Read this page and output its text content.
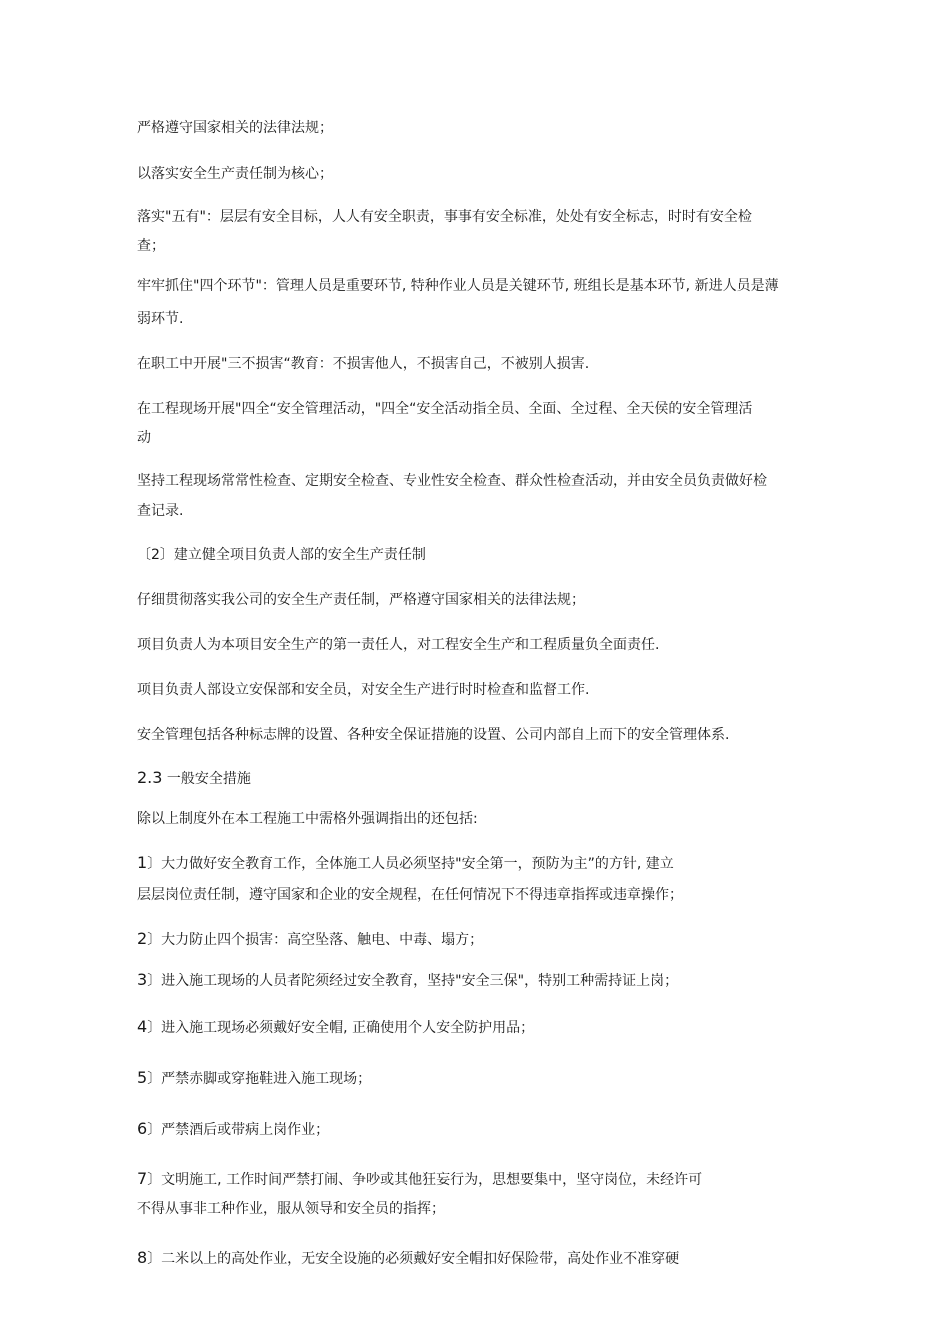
严格遵守国家相关的法律法规；
以落实安全生产责任制为核心；
落实"五有"：层层有安全目标，人人有安全职责，事事有安全标准，处处有安全标志，时时有安全检
查；
牢牢抓住"四个环节"：管理人员是重要环节, 特种作业人员是关键环节, 班组长是基本环节, 新进人员是薄
弱环节.
在职工中开展"三不损害“教育：不损害他人，不损害自己，不被别人损害.
在工程现场开展"四全“安全管理活动，"四全“安全活动指全员、全面、全过程、全天侯的安全管理活
动
坚持工程现场常常性检查、定期安全检查、专业性安全检查、群众性检查活动，并由安全员负责做好检
查记录.
〔2〕建立健全项目负责人部的安全生产责任制
仔细贯彻落实我公司的安全生产责任制，严格遵守国家相关的法律法规；
项目负责人为本项目安全生产的第一责任人，对工程安全生产和工程质量负全面责任.
项目负责人部设立安保部和安全员，对安全生产进行时时检查和监督工作.
安全管理包括各种标志牌的设置、各种安全保证措施的设置、公司内部自上而下的安全管理体系.
2.3 一般安全措施
除以上制度外在本工程施工中需格外强调指出的还包括:
1〕大力做好安全教育工作，全体施工人员必须坚持"安全第一，预防为主”的方针, 建立
层层岗位责任制，遵守国家和企业的安全规程，在任何情况下不得违章指挥或违章操作；
2〕大力防止四个损害：高空坠落、触电、中毒、塌方；
3〕进入施工现场的人员者陀须经过安全教育，坚持"安全三保"，特别工种需持证上岗；
4〕进入施工现场必须戴好安全帽, 正确使用个人安全防护用品；
5〕严禁赤脚或穿拖鞋进入施工现场；
6〕严禁酒后或带病上岗作业；
7〕文明施工, 工作时间严禁打闹、争吵或其他狂妄行为，思想要集中，坚守岗位，未经许可
不得从事非工种作业，服从领导和安全员的指挥；
8〕二米以上的高处作业，无安全设施的必须戴好安全帽扣好保险带，高处作业不准穿硬
